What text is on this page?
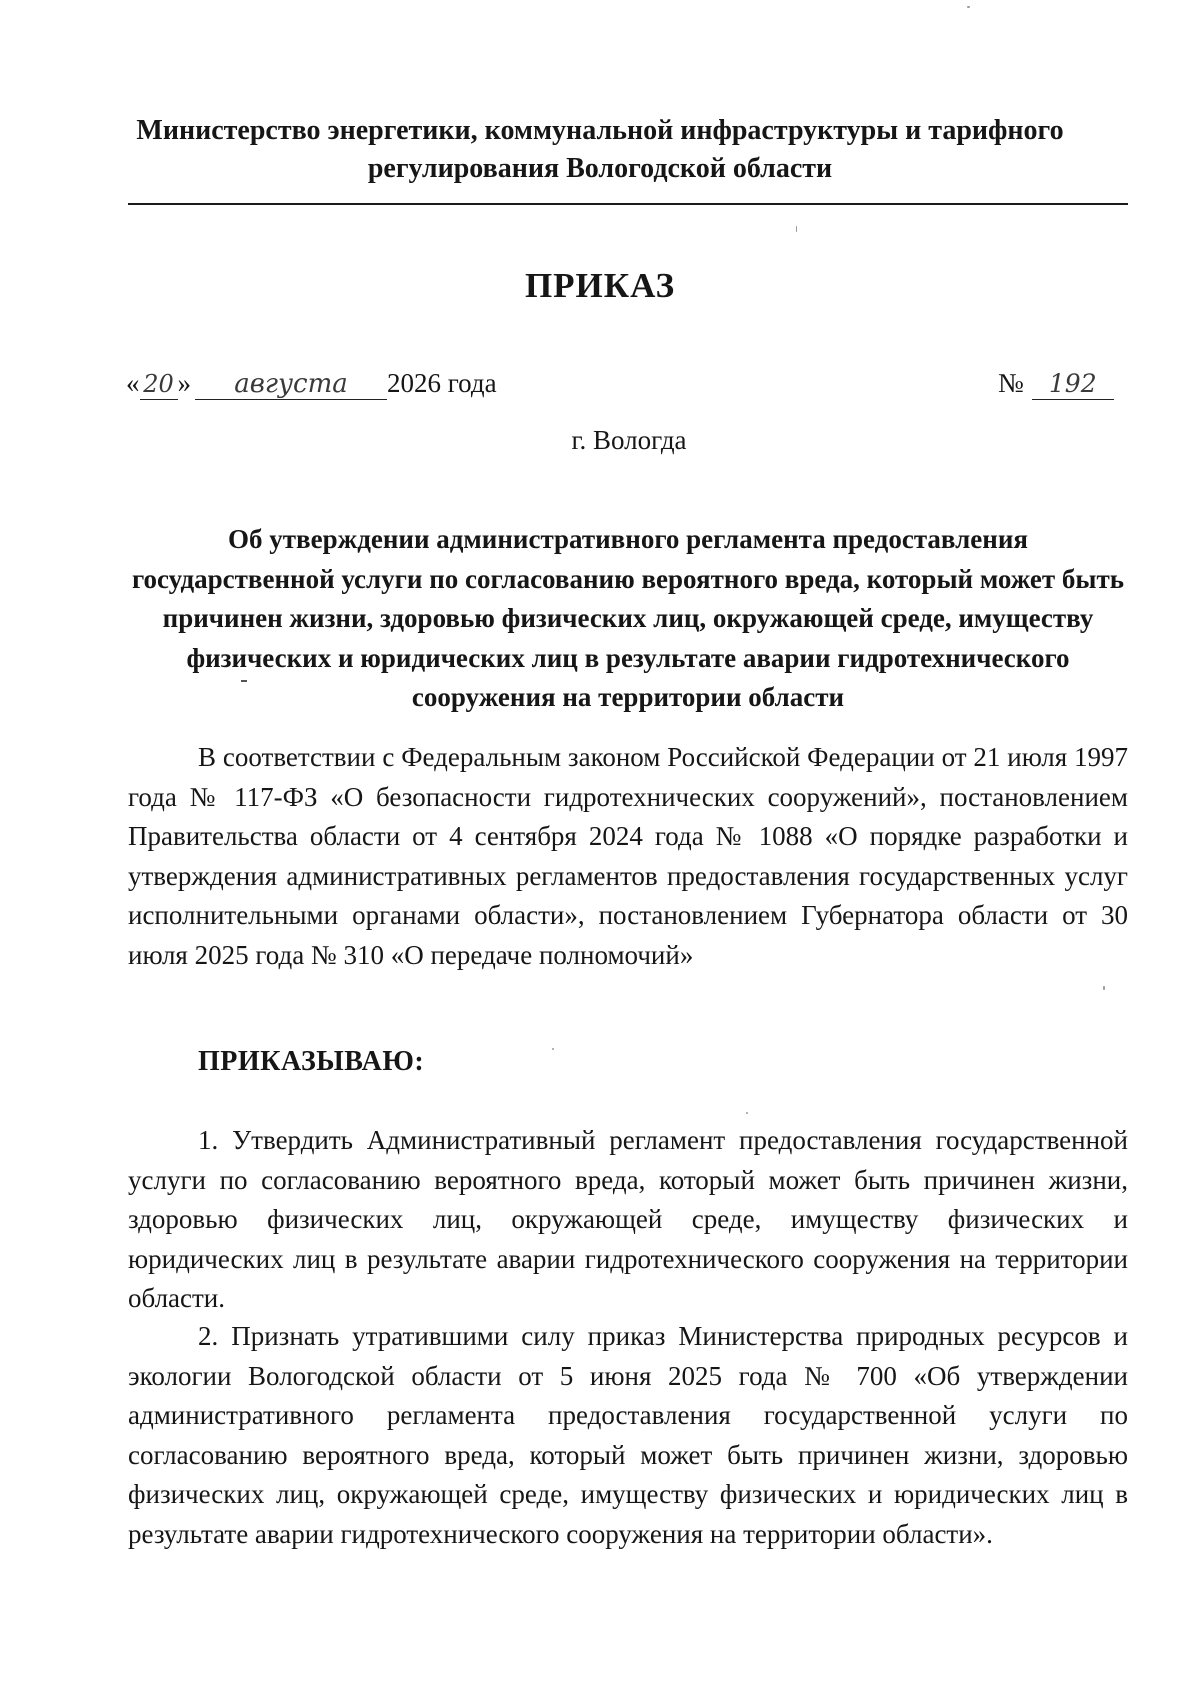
Министерство энергетики, коммунальной инфраструктуры и тарифного регулирования Вологодской области
ПРИКАЗ
« 20 » августа 2026 года	№ 192
г. Вологда
Об утверждении административного регламента предоставления государственной услуги по согласованию вероятного вреда, который может быть причинен жизни, здоровью физических лиц, окружающей среде, имуществу физических и юридических лиц в результате аварии гидротехнического сооружения на территории области

В соответствии с Федеральным законом Российской Федерации от 21 июля 1997 года № 117-ФЗ «О безопасности гидротехнических сооружений», постановлением Правительства области от 4 сентября 2024 года № 1088 «О порядке разработки и утверждения административных регламентов предоставления государственных услуг исполнительными органами области», постановлением Губернатора области от 30 июля 2025 года № 310 «О передаче полномочий»

ПРИКАЗЫВАЮ:

1. Утвердить Административный регламент предоставления государственной услуги по согласованию вероятного вреда, который может быть причинен жизни, здоровью физических лиц, окружающей среде, имуществу физических и юридических лиц в результате аварии гидротехнического сооружения на территории области.

2. Признать утратившими силу приказ Министерства природных ресурсов и экологии Вологодской области от 5 июня 2025 года № 700 «Об утверждении административного регламента предоставления государственной услуги по согласованию вероятного вреда, который может быть причинен жизни, здоровью физических лиц, окружающей среде, имуществу физических и юридических лиц в результате аварии гидротехнического сооружения на территории области».
